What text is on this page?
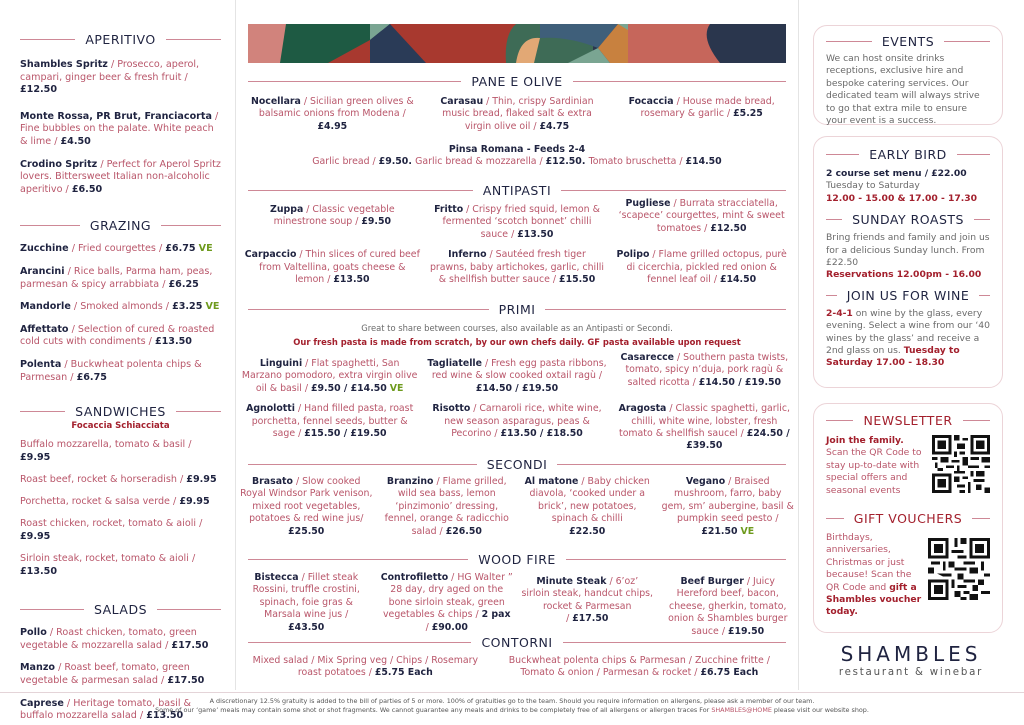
APERITIVO
Shambles Spritz / Prosecco, aperol, campari, ginger beer & fresh fruit / £12.50
Monte Rossa, PR Brut, Franciacorta / Fine bubbles on the palate. White peach & lime / £4.50
Crodino Spritz / Perfect for Aperol Spritz lovers. Bittersweet Italian non-alcoholic aperitivo / £6.50
GRAZING
Zucchine / Fried courgettes / £6.75 VE
Arancini / Rice balls, Parma ham, peas, parmesan & spicy arrabbiata / £6.25
Mandorle / Smoked almonds / £3.25 VE
Affettato / Selection of cured & roasted cold cuts with condiments / £13.50
Polenta / Buckwheat polenta chips & Parmesan / £6.75
SANDWICHES
Focaccia Schiacciata
Buffalo mozzarella, tomato & basil / £9.95
Roast beef, rocket & horseradish / £9.95
Porchetta, rocket & salsa verde / £9.95
Roast chicken, rocket, tomato & aioli / £9.95
Sirloin steak, rocket, tomato & aioli / £13.50
SALADS
Pollo / Roast chicken, tomato, green vegetable & mozzarella salad / £17.50
Manzo / Roast beef, tomato, green vegetable & parmesan salad / £17.50
Caprese / Heritage tomato, basil & buffalo mozzarella salad / £13.50
PANE E OLIVE
Nocellara / Sicilian green olives & balsamic onions from Modena / £4.95
Carasau / Thin, crispy Sardinian music bread, flaked salt & extra virgin olive oil / £4.75
Focaccia / House made bread, rosemary & garlic / £5.25
Pinsa Romana - Feeds 2-4
Garlic bread / £9.50. Garlic bread & mozzarella / £12.50. Tomato bruschetta / £14.50
ANTIPASTI
Zuppa / Classic vegetable minestrone soup / £9.50
Fritto / Crispy fried squid, lemon & fermented ‘scotch bonnet’ chilli sauce / £13.50
Pugliese / Burrata stracciatella, ‘scapece’ courgettes, mint & sweet tomatoes / £12.50
Carpaccio / Thin slices of cured beef from Valtellina, goats cheese & lemon / £13.50
Inferno / Sautéed fresh tiger prawns, baby artichokes, garlic, chilli & shellfish butter sauce / £15.50
Polipo / Flame grilled octopus, purè di cicerchia, pickled red onion & fennel leaf oil / £14.50
PRIMI
Great to share between courses, also available as an Antipasti or Secondi.
Our fresh pasta is made from scratch, by our own chefs daily. GF pasta available upon request
Linguini / Flat spaghetti, San Marzano pomodoro, extra virgin olive oil & basil / £9.50 / £14.50 VE
Tagliatelle / Fresh egg pasta ribbons, red wine & slow cooked oxtail ragù / £14.50 / £19.50
Casarecce / Southern pasta twists, tomato, spicy n’duja, pork ragù & salted ricotta / £14.50 / £19.50
Agnolotti / Hand filled pasta, roast porchetta, fennel seeds, butter & sage / £15.50 / £19.50
Risotto / Carnaroli rice, white wine, new season asparagus, peas & Pecorino / £13.50 / £18.50
Aragosta / Classic spaghetti, garlic, chilli, white wine, lobster, fresh tomato & shellfish saucel / £24.50 / £39.50
SECONDI
Brasato / Slow cooked Royal Windsor Park venison, mixed root vegetables, potatoes & red wine jus/ £25.50
Branzino / Flame grilled, wild sea bass, lemon ‘pinzimonio’ dressing, fennel, orange & radicchio salad / £26.50
Al matone / Baby chicken diavola, ‘cooked under a brick’, new potatoes, spinach & chilli
£22.50
Vegano / Braised mushroom, farro, baby gem, sm’ aubergine, basil & pumpkin seed pesto /
£21.50 VE
WOOD FIRE
Bistecca / Fillet steak Rossini, truffle crostini, spinach, foie gras & Marsala wine jus /
£43.50
Controfiletto / HG Walter ” 28 day, dry aged on the bone sirloin steak, green vegetables & chips / 2 pax
/ £90.00
Minute Steak / 6’oz’ sirloin steak, handcut chips, rocket & Parmesan
/ £17.50
Beef Burger / Juicy Hereford beef, bacon, cheese, gherkin, tomato, onion & Shambles burger sauce / £19.50
CONTORNI
Mixed salad / Mix Spring veg / Chips / Rosemary roast potatoes / £5.75 Each
Buckwheat polenta chips & Parmesan / Zucchine fritte / Tomato & onion / Parmesan & rocket / £6.75 Each
EVENTS
We can host onsite drinks receptions, exclusive hire and bespoke catering services. Our dedicated team will always strive to go that extra mile to ensure your event is a success.
EARLY BIRD
2 course set menu / £22.00
Tuesday to Saturday
12.00 - 15.00 & 17.00 - 17.30
SUNDAY ROASTS
Bring friends and family and join us for a delicious Sunday lunch. From £22.50
Reservations 12.00pm - 16.00
JOIN US FOR WINE
2-4-1 on wine by the glass, every evening. Select a wine from our ‘40 wines by the glass’ and receive a 2nd glass on us. Tuesday to Saturday 17.00 - 18.30
NEWSLETTER
Join the family. Scan the QR Code to stay up-to-date with special offers and seasonal events
GIFT VOUCHERS
Birthdays, anniversaries, Christmas or just because! Scan the QR Code and gift a Shambles voucher today.
SHAMBLES
restaurant & winebar
A discretionary 12.5% gratuity is added to the bill of parties of 5 or more. 100% of gratuities go to the team. Should you require information on allergens, please ask a member of our team.
Some of our ‘game’ meals may contain some shot or shot fragments. We cannot guarantee any meals and drinks to be completely free of all allergens or allergen traces For SHAMBLES@HOME please visit our website shop.
